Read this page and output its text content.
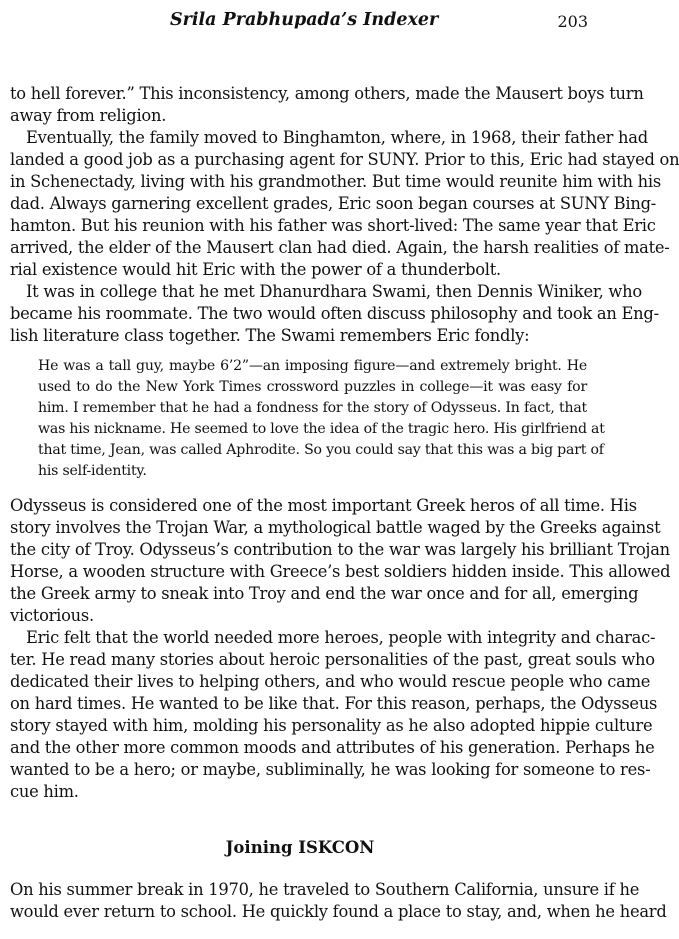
Srila Prabhupada’s Indexer	203
to hell forever.” This inconsistency, among others, made the Mausert boys turn
away from religion.
Eventually, the family moved to Binghamton, where, in 1968, their father had
landed a good job as a purchasing agent for SUNY. Prior to this, Eric had stayed on
in Schenectady, living with his grandmother. But time would reunite him with his
dad. Always garnering excellent grades, Eric soon began courses at SUNY Bing-
hamton. But his reunion with his father was short-lived: The same year that Eric
arrived, the elder of the Mausert clan had died. Again, the harsh realities of mate-
rial existence would hit Eric with the power of a thunderbolt.
It was in college that he met Dhanurdhara Swami, then Dennis Winiker, who
became his roommate. The two would often discuss philosophy and took an Eng-
lish literature class together. The Swami remembers Eric fondly:
He was a tall guy, maybe 6’2”—an imposing figure—and extremely bright. He
used to do the New York Times crossword puzzles in college—it was easy for
him. I remember that he had a fondness for the story of Odysseus. In fact, that
was his nickname. He seemed to love the idea of the tragic hero. His girlfriend at
that time, Jean, was called Aphrodite. So you could say that this was a big part of
his self-identity.
Odysseus is considered one of the most important Greek heros of all time. His
story involves the Trojan War, a mythological battle waged by the Greeks against
the city of Troy. Odysseus’s contribution to the war was largely his brilliant Trojan
Horse, a wooden structure with Greece’s best soldiers hidden inside. This allowed
the Greek army to sneak into Troy and end the war once and for all, emerging
victorious.
Eric felt that the world needed more heroes, people with integrity and charac-
ter. He read many stories about heroic personalities of the past, great souls who
dedicated their lives to helping others, and who would rescue people who came
on hard times. He wanted to be like that. For this reason, perhaps, the Odysseus
story stayed with him, molding his personality as he also adopted hippie culture
and the other more common moods and attributes of his generation. Perhaps he
wanted to be a hero; or maybe, subliminally, he was looking for someone to res-
cue him.
Joining ISKCON
On his summer break in 1970, he traveled to Southern California, unsure if he
would ever return to school. He quickly found a place to stay, and, when he heard
